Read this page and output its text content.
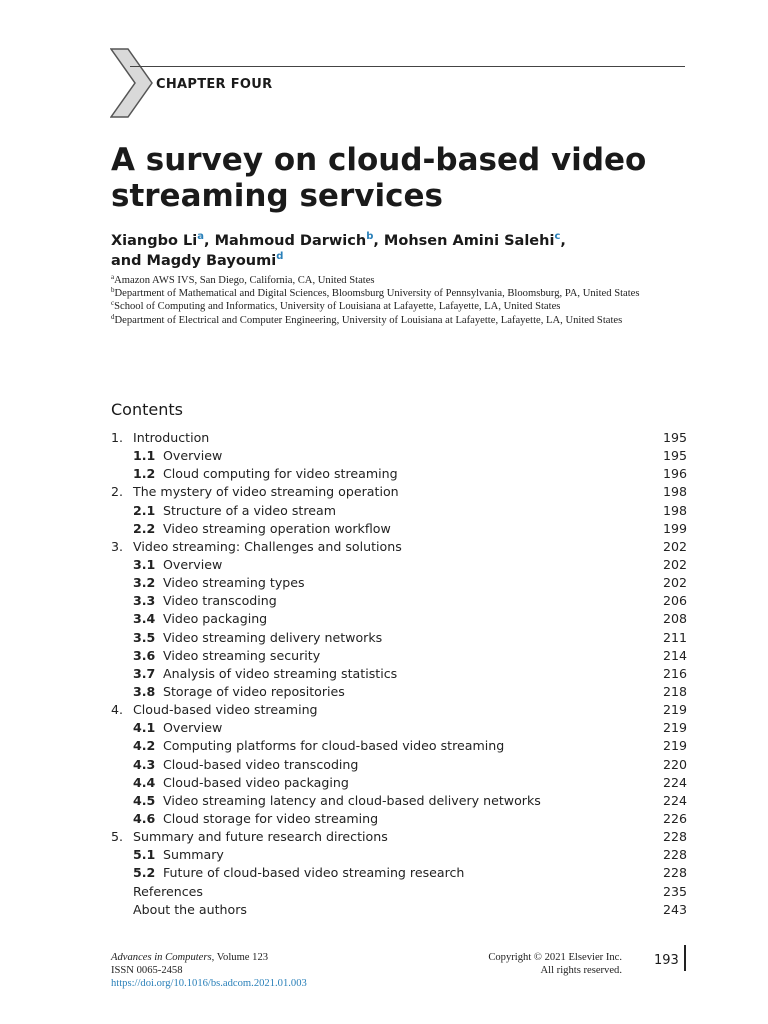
CHAPTER FOUR
A survey on cloud-based video streaming services
Xiangbo Li$^a$, Mahmoud Darwich$^b$, Mohsen Amini Salehi$^c$,
and Magdy Bayoumi$^d$
$^a$Amazon AWS IVS, San Diego, California, CA, United States
$^b$Department of Mathematical and Digital Sciences, Bloomsburg University of Pennsylvania, Bloomsburg, PA, United States
$^c$School of Computing and Informatics, University of Louisiana at Lafayette, Lafayette, LA, United States
$^d$Department of Electrical and Computer Engineering, University of Louisiana at Lafayette, Lafayette, LA, United States
Contents
1. Introduction	195
1.1 Overview	195
1.2 Cloud computing for video streaming	196
2. The mystery of video streaming operation	198
2.1 Structure of a video stream	198
2.2 Video streaming operation workflow	199
3. Video streaming: Challenges and solutions	202
3.1 Overview	202
3.2 Video streaming types	202
3.3 Video transcoding	206
3.4 Video packaging	208
3.5 Video streaming delivery networks	211
3.6 Video streaming security	214
3.7 Analysis of video streaming statistics	216
3.8 Storage of video repositories	218
4. Cloud-based video streaming	219
4.1 Overview	219
4.2 Computing platforms for cloud-based video streaming	219
4.3 Cloud-based video transcoding	220
4.4 Cloud-based video packaging	224
4.5 Video streaming latency and cloud-based delivery networks	224
4.6 Cloud storage for video streaming	226
5. Summary and future research directions	228
5.1 Summary	228
5.2 Future of cloud-based video streaming research	228
References	235
About the authors	243
Advances in Computers, Volume 123
ISSN 0065-2458
https://doi.org/10.1016/bs.adcom.2021.01.003
Copyright © 2021 Elsevier Inc.
All rights reserved.
193
